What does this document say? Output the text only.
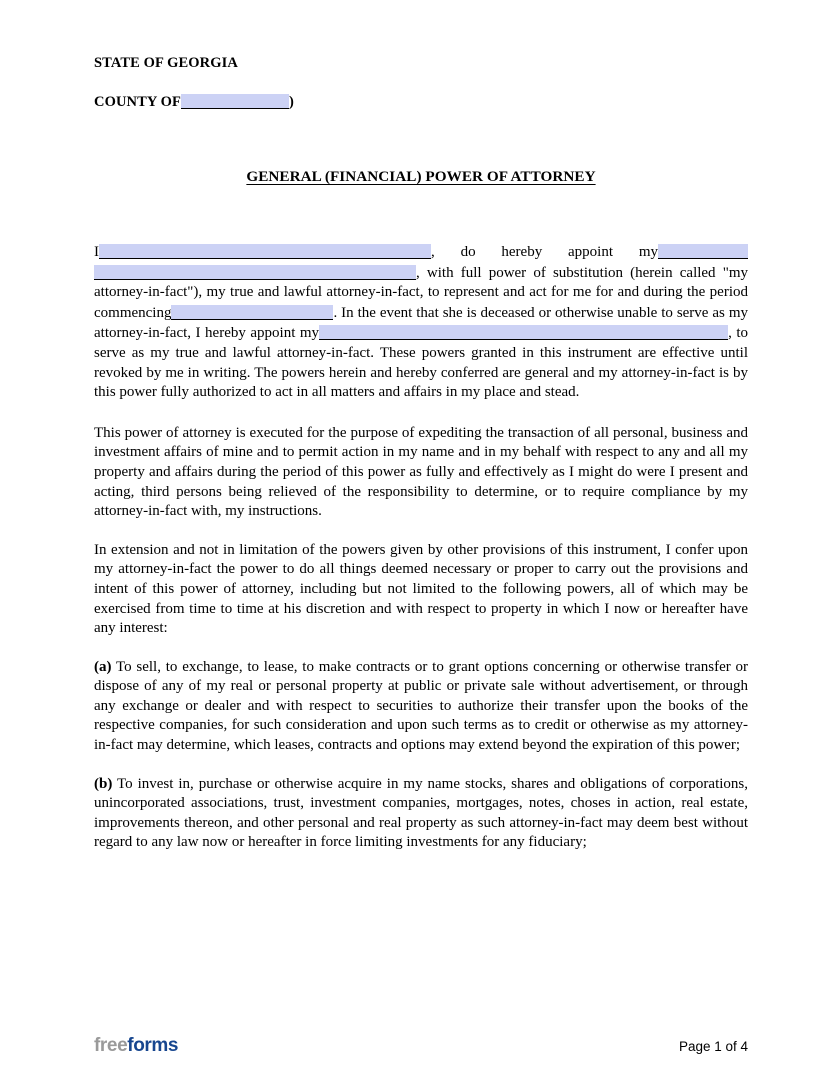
STATE OF GEORGIA
COUNTY OF	)
GENERAL (FINANCIAL) POWER OF ATTORNEY

I	, do hereby appoint my, with full power of substitution (herein called "my attorney-in-fact"), my true and lawful attorney-in-fact, to represent and act for me for and during the period commencing	. In the event that she is deceased or otherwise unable to serve as my attorney-in-fact, I hereby appoint my	, to serve as my true and lawful attorney-in-fact. These powers granted in this instrument are effective until revoked by me in writing. The powers herein and hereby conferred are general and my attorney-in-fact is by this power fully authorized to act in all matters and affairs in my place and stead.

This power of attorney is executed for the purpose of expediting the transaction of all personal, business and investment affairs of mine and to permit action in my name and in my behalf with respect to any and all my property and affairs during the period of this power as fully and effectively as I might do were I present and acting, third persons being relieved of the responsibility to determine, or to require compliance by my attorney-in-fact with, my instructions.

In extension and not in limitation of the powers given by other provisions of this instrument, I confer upon my attorney-in-fact the power to do all things deemed necessary or proper to carry out the provisions and intent of this power of attorney, including but not limited to the following powers, all of which may be exercised from time to time at his discretion and with respect to property in which I now or hereafter have any interest:

(a) To sell, to exchange, to lease, to make contracts or to grant options concerning or otherwise transfer or dispose of any of my real or personal property at public or private sale without advertisement, or through any exchange or dealer and with respect to securities to authorize their transfer upon the books of the respective companies, for such consideration and upon such terms as to credit or otherwise as my attorney-in-fact may determine, which leases, contracts and options may extend beyond the expiration of this power;

(b) To invest in, purchase or otherwise acquire in my name stocks, shares and obligations of corporations, unincorporated associations, trust, investment companies, mortgages, notes, choses in action, real estate, improvements thereon, and other personal and real property as such attorney-in-fact may deem best without regard to any law now or hereafter in force limiting investments for any fiduciary;

freeforms	Page 1 of 4
